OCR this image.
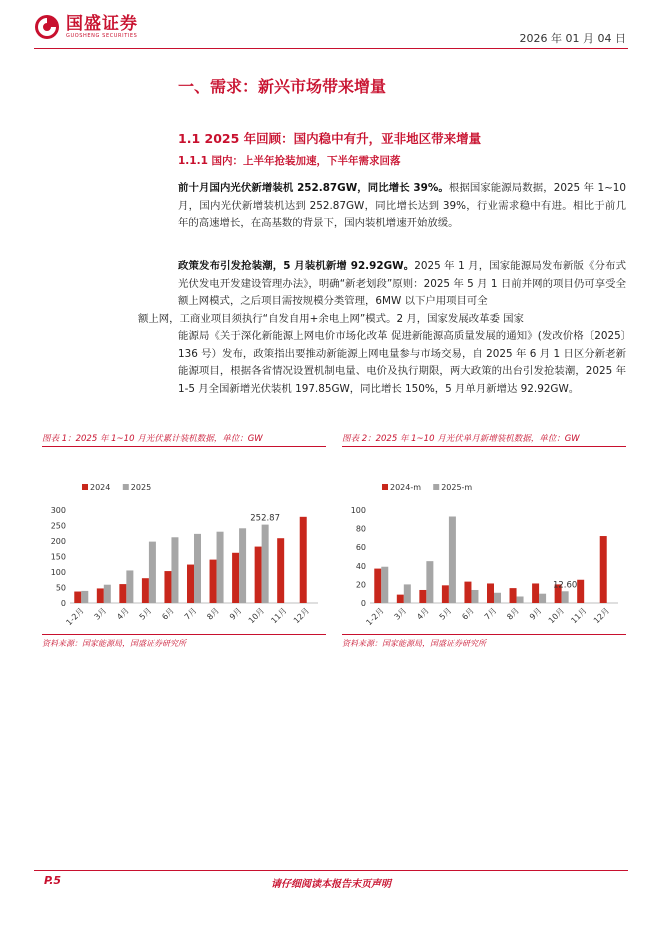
国盛证券
GUOSHENG SECURITIES	2026 年 01 月 04 日
一、需求：新兴市场带来增量
1.1 2025 年回顾：国内稳中有升，亚非地区带来增量
1.1.1 国内：上半年抢装加速，下半年需求回落
前十月国内光伏新增装机 252.87GW，同比增长 39%。根据国家能源局数据，2025 年 1~10 月，国内光伏新增装机达到 252.87GW，同比增长达到 39%，行业需求稳中有进。相比于前几年的高速增长，在高基数的背景下，国内装机增速开始放缓。
政策发布引发抢装潮，5 月装机新增 92.92GW。2025 年 1 月，国家能源局发布新版《分布式光伏发电开发建设管理办法》，明确“新老划段”原则：2025 年 5 月 1 日前并网的项目仍可享受全额上网模式，之后项目需按规模分类管理，6MW 以下户用项目可全
额上网，工商业项目须执行“自发自用+余电上网”模式。2 月，国家发展改革委 国家
能源局《关于深化新能源上网电价市场化改革 促进新能源高质量发展的通知》(发改价格〔2025〕136 号）发布，政策指出要推动新能源上网电量参与市场交易，自 2025 年 6 月 1 日区分新老新能源项目，根据各省情况设置机制电量、电价及执行期限，两大政策的出台引发抢装潮，2025 年 1-5 月全国新增光伏装机 197.85GW，同比增长 150%，5 月单月新增达 92.92GW。
图表 1：2025 年 1~10 月光伏累计装机数据，单位：GW
2024	2025
0
50
100
150
200
250
300
1-2月 3月 4月 5月 6月 7月 8月 9月 10月 11月 12月
252.87
资料来源：国家能源局，国盛证券研究所
图表 2：2025 年 1~10 月光伏单月新增装机数据，单位：GW
2024-m	2025-m
0
20
40
60
80
100
1-2月 3月 4月 5月 6月 7月 8月 9月 10月 11月 12月
12.60
资料来源：国家能源局，国盛证券研究所
P.5	请仔细阅读本报告末页声明
